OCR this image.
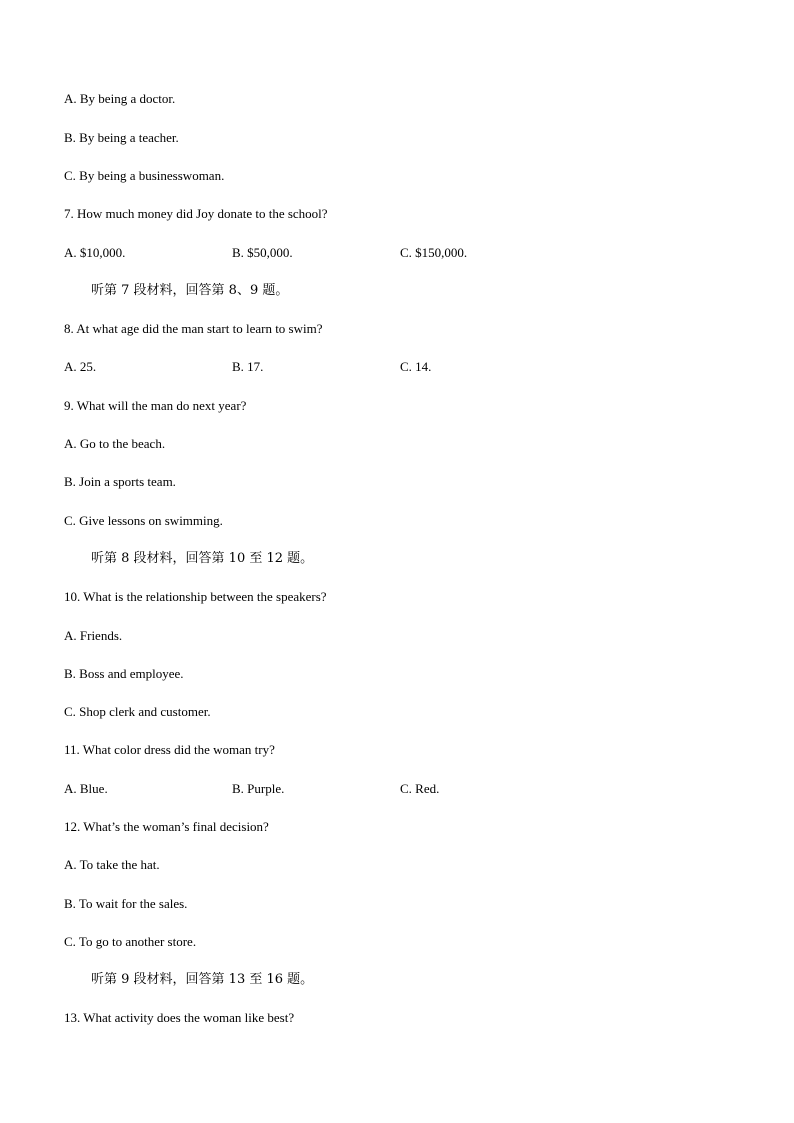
A. By being a doctor.
B. By being a teacher.
C. By being a businesswoman.
7. How much money did Joy donate to the school?
A. $10,000.	B. $50,000.	C. $150,000.
听第 7 段材料，回答第 8、9 题。
8. At what age did the man start to learn to swim?
A. 25.	B. 17.	C. 14.
9. What will the man do next year?
A. Go to the beach.
B. Join a sports team.
C. Give lessons on swimming.
听第 8 段材料，回答第 10 至 12 题。
10. What is the relationship between the speakers?
A. Friends.
B. Boss and employee.
C. Shop clerk and customer.
11. What color dress did the woman try?
A. Blue.	B. Purple.	C. Red.
12. What’s the woman’s final decision?
A. To take the hat.
B. To wait for the sales.
C. To go to another store.
听第 9 段材料，回答第 13 至 16 题。
13. What activity does the woman like best?
